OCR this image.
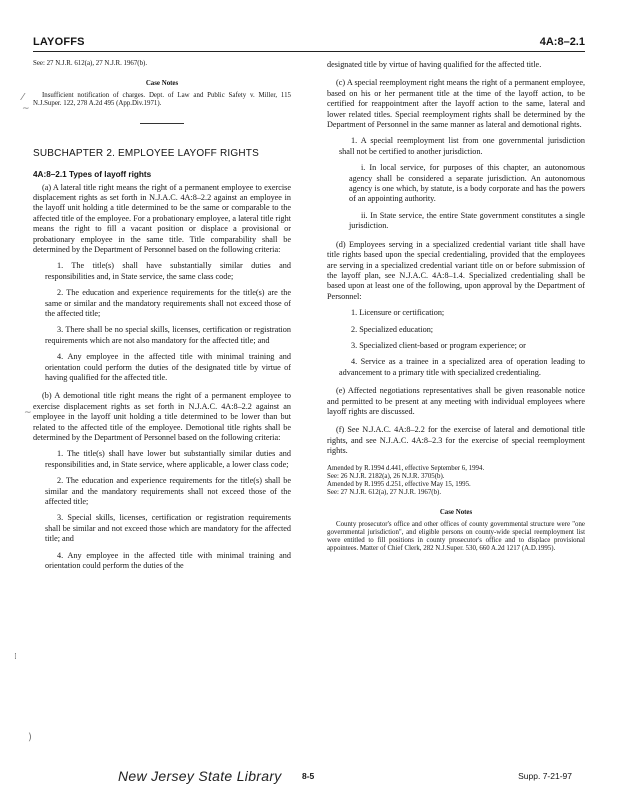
LAYOFFS	4A:8–2.1
⁄
~
~
⁞
)

See: 27 N.J.R. 612(a), 27 N.J.R. 1967(b).

Case Notes

Insufficient notification of charges. Dept. of Law and Public Safety v. Miller, 115 N.J.Super. 122, 278 A.2d 495 (App.Div.1971).

SUBCHAPTER 2. EMPLOYEE LAYOFF RIGHTS

4A:8–2.1 Types of layoff rights

(a) A lateral title right means the right of a permanent employee to exercise displacement rights as set forth in N.J.A.C. 4A:8–2.2 against an employee in the layoff unit holding a title determined to be the same or comparable to the affected title of the employee. For a probationary employee, a lateral title right means the right to fill a vacant position or displace a provisional or probationary employee in the same title. Title comparability shall be determined by the Department of Personnel based on the following criteria:

1. The title(s) shall have substantially similar duties and responsibilities and, in State service, the same class code;

2. The education and experience requirements for the title(s) are the same or similar and the mandatory requirements shall not exceed those of the affected title;

3. There shall be no special skills, licenses, certification or registration requirements which are not also mandatory for the affected title; and

4. Any employee in the affected title with minimal training and orientation could perform the duties of the designated title by virtue of having qualified for the affected title.

(b) A demotional title right means the right of a permanent employee to exercise displacement rights as set forth in N.J.A.C. 4A:8–2.2 against an employee in the layoff unit holding a title determined to be lower than but related to the affected title of the employee. Demotional title rights shall be determined by the Department of Personnel based on the following criteria:

1. The title(s) shall have lower but substantially similar duties and responsibilities and, in State service, where applicable, a lower class code;

2. The education and experience requirements for the title(s) shall be similar and the mandatory requirements shall not exceed those of the affected title;

3. Special skills, licenses, certification or registration requirements shall be similar and not exceed those which are mandatory for the affected title; and

4. Any employee in the affected title with minimal training and orientation could perform the duties of the

designated title by virtue of having qualified for the affected title.

(c) A special reemployment right means the right of a permanent employee, based on his or her permanent title at the time of the layoff action, to be certified for reappointment after the layoff action to the same, lateral and lower related titles. Special reemployment rights shall be determined by the Department of Personnel in the same manner as lateral and demotional rights.

1. A special reemployment list from one governmental jurisdiction shall not be certified to another jurisdiction.

i. In local service, for purposes of this chapter, an autonomous agency shall be considered a separate jurisdiction. An autonomous agency is one which, by statute, is a body corporate and has the powers of an appointing authority.

ii. In State service, the entire State government constitutes a single jurisdiction.

(d) Employees serving in a specialized credential variant title shall have title rights based upon the special credentialing, provided that the employees are serving in a specialized credential variant title on or before submission of the layoff plan, see N.J.A.C. 4A:8–1.4. Specialized credentialing shall be based upon at least one of the following, upon approval by the Department of Personnel:

1. Licensure or certification;

2. Specialized education;

3. Specialized client-based or program experience; or

4. Service as a trainee in a specialized area of operation leading to advancement to a primary title with specialized credentialing.

(e) Affected negotiations representatives shall be given reasonable notice and permitted to be present at any meeting with individual employees where layoff rights are discussed.

(f) See N.J.A.C. 4A:8–2.2 for the exercise of lateral and demotional title rights, and see N.J.A.C. 4A:8–2.3 for the exercise of special reemployment rights.

Amended by R.1994 d.441, effective September 6, 1994.
See: 26 N.J.R. 2182(a), 26 N.J.R. 3705(b).
Amended by R.1995 d.251, effective May 15, 1995.
See: 27 N.J.R. 612(a), 27 N.J.R. 1967(b).

Case Notes

County prosecutor's office and other offices of county governmental structure were "one governmental jurisdiction", and eligible persons on county-wide special reemployment list were entitled to fill positions in county prosecutor's office and to displace provisional appointees. Matter of Chief Clerk, 282 N.J.Super. 530, 660 A.2d 1217 (A.D.1995).

New Jersey State Library 8-5	Supp. 7-21-97
